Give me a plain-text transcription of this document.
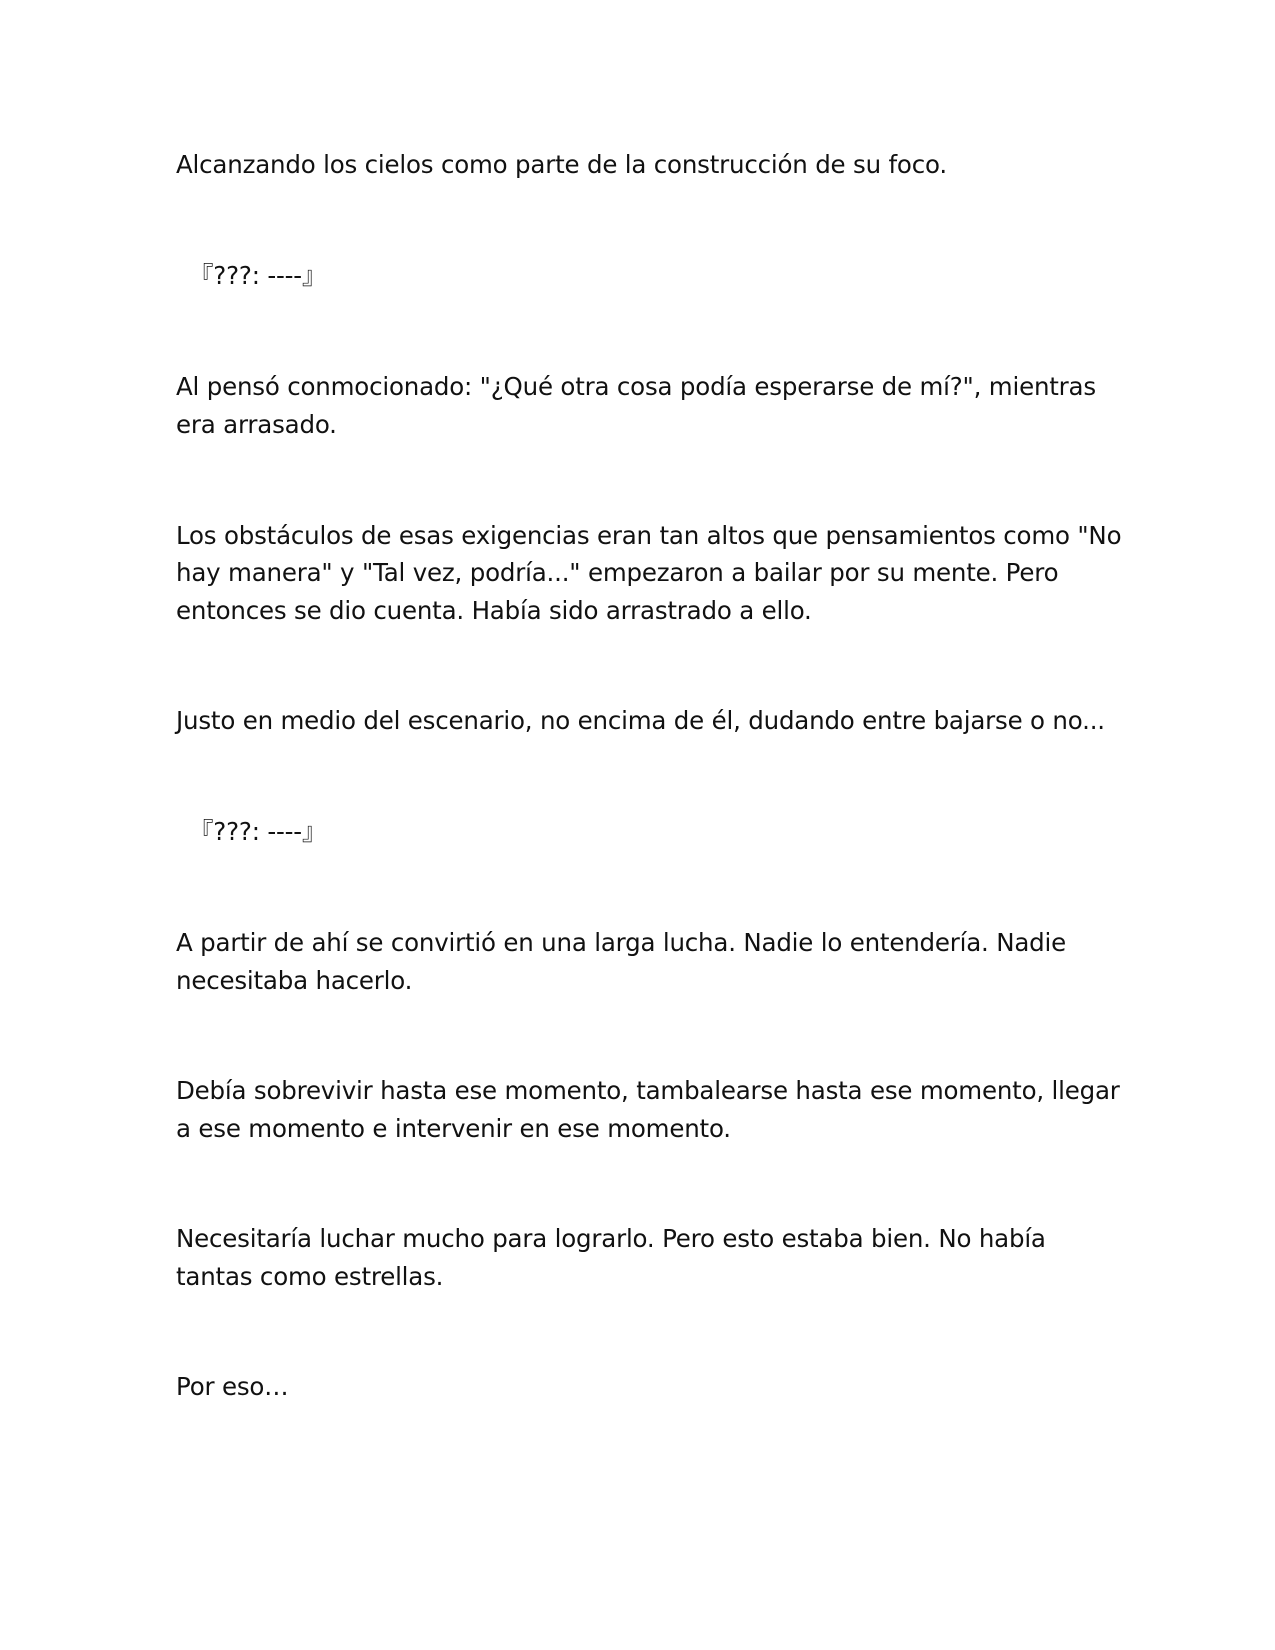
Alcanzando los cielos como parte de la construcción de su foco.

『???: ----』

Al pensó conmocionado: "¿Qué otra cosa podía esperarse de mí?", mientras

era arrasado.

Los obstáculos de esas exigencias eran tan altos que pensamientos como "No

hay manera" y "Tal vez, podría..." empezaron a bailar por su mente. Pero

entonces se dio cuenta. Había sido arrastrado a ello.

Justo en medio del escenario, no encima de él, dudando entre bajarse o no...

『???: ----』

A partir de ahí se convirtió en una larga lucha. Nadie lo entendería. Nadie

necesitaba hacerlo.

Debía sobrevivir hasta ese momento, tambalearse hasta ese momento, llegar

a ese momento e intervenir en ese momento.

Necesitaría luchar mucho para lograrlo. Pero esto estaba bien. No había

tantas como estrellas.

Por eso…
